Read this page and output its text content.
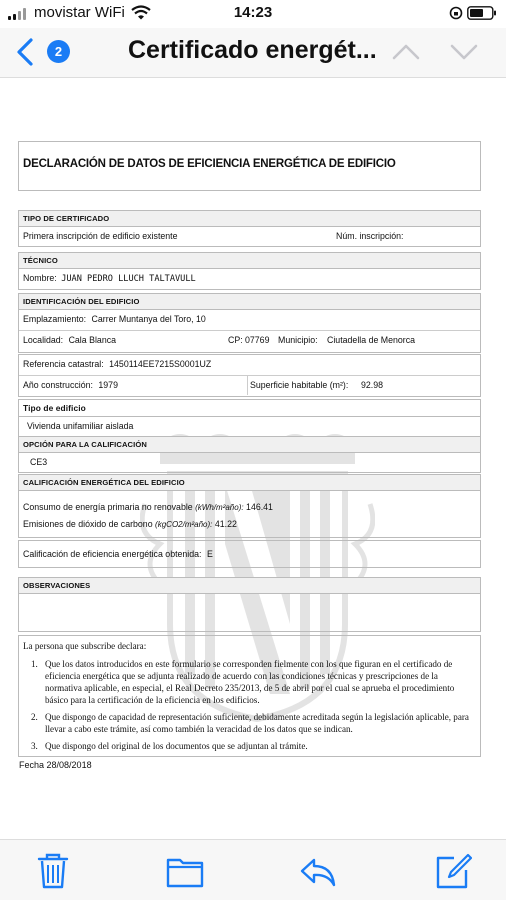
movistar WiFi	14:23
2	Certificado energét...
DECLARACIÓN DE DATOS DE EFICIENCIA ENERGÉTICA DE EDIFICIO
TIPO DE CERTIFICADO
Primera inscripción de edificio existente	Núm. inscripción:
TÉCNICO
Nombre: JUAN PEDRO LLUCH TALTAVULL
IDENTIFICACIÓN DEL EDIFICIO
Emplazamiento: Carrer Muntanya del Toro, 10
Localidad: Cala Blanca	CP: 07769 Municipio: Ciutadella de Menorca
Referencia catastral: 1450114EE7215S0001UZ
Año construcción: 1979	Superficie habitable (m²): 92.98
Tipo de edificio
Vivienda unifamiliar aislada
OPCIÓN PARA LA CALIFICACIÓN
CE3
CALIFICACIÓN ENERGÉTICA DEL EDIFICIO
Consumo de energía primaria no renovable (kWh/m²año): 146.41
Emisiones de dióxido de carbono (kgCO2/m²año): 41.22
Calificación de eficiencia energética obtenida: E
OBSERVACIONES
La persona que subscribe declara:
1. Que los datos introducidos en este formulario se corresponden fielmente con los que figuran en el certificado de eficiencia energética que se adjunta realizado de acuerdo con las condiciones técnicas y prescripciones de la normativa aplicable, en especial, el Real Decreto 235/2013, de 5 de abril por el cual se aprueba el procedimiento básico para la certificación de la eficiencia en los edificios.
2. Que dispongo de capacidad de representación suficiente, debidamente acreditada según la legislación aplicable, para llevar a cabo este trámite, así como también la veracidad de los datos que se indican.
3. Que dispongo del original de los documentos que se adjuntan al trámite.
Fecha 28/08/2018
